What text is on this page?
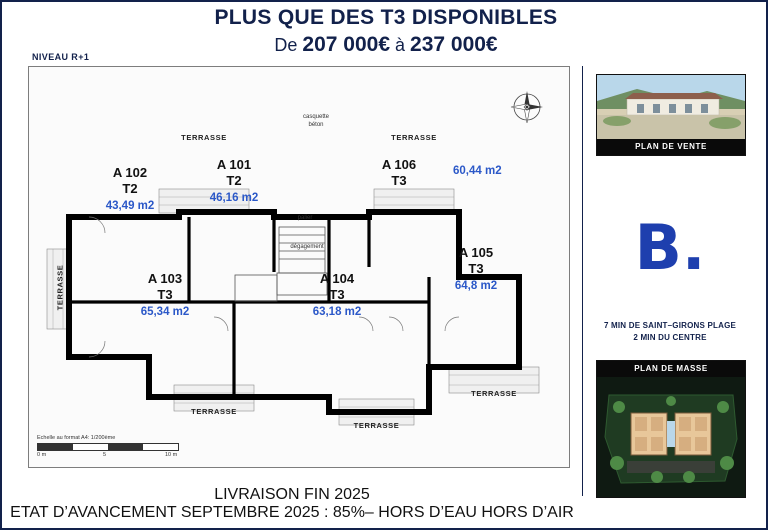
PLUS QUE DES T3 DISPONIBLES
De 207 000€ à 237 000€
NIVEAU R+1
casquette
béton
palier
dégagement
TERRASSE	TERRASSE
TERRASSE
TERRASSE
TERRASSE
TERRASSE
A 102
T2
43,49 m2
A 101
T2
46,16 m2
A 106
T3
60,44 m2
A 105
T3
64,8 m2
A 103
T3
65,34 m2
A 104
T3
63,18 m2
Echelle au format A4: 1/200ème
0 m	5	10 m
PLAN DE VENTE
B.
7 MIN DE SAINT–GIRONS PLAGE
2 MIN DU CENTRE
PLAN DE MASSE
LIVRAISON FIN 2025
ETAT D’AVANCEMENT SEPTEMBRE 2025 : 85%– HORS D’EAU HORS D’AIR
